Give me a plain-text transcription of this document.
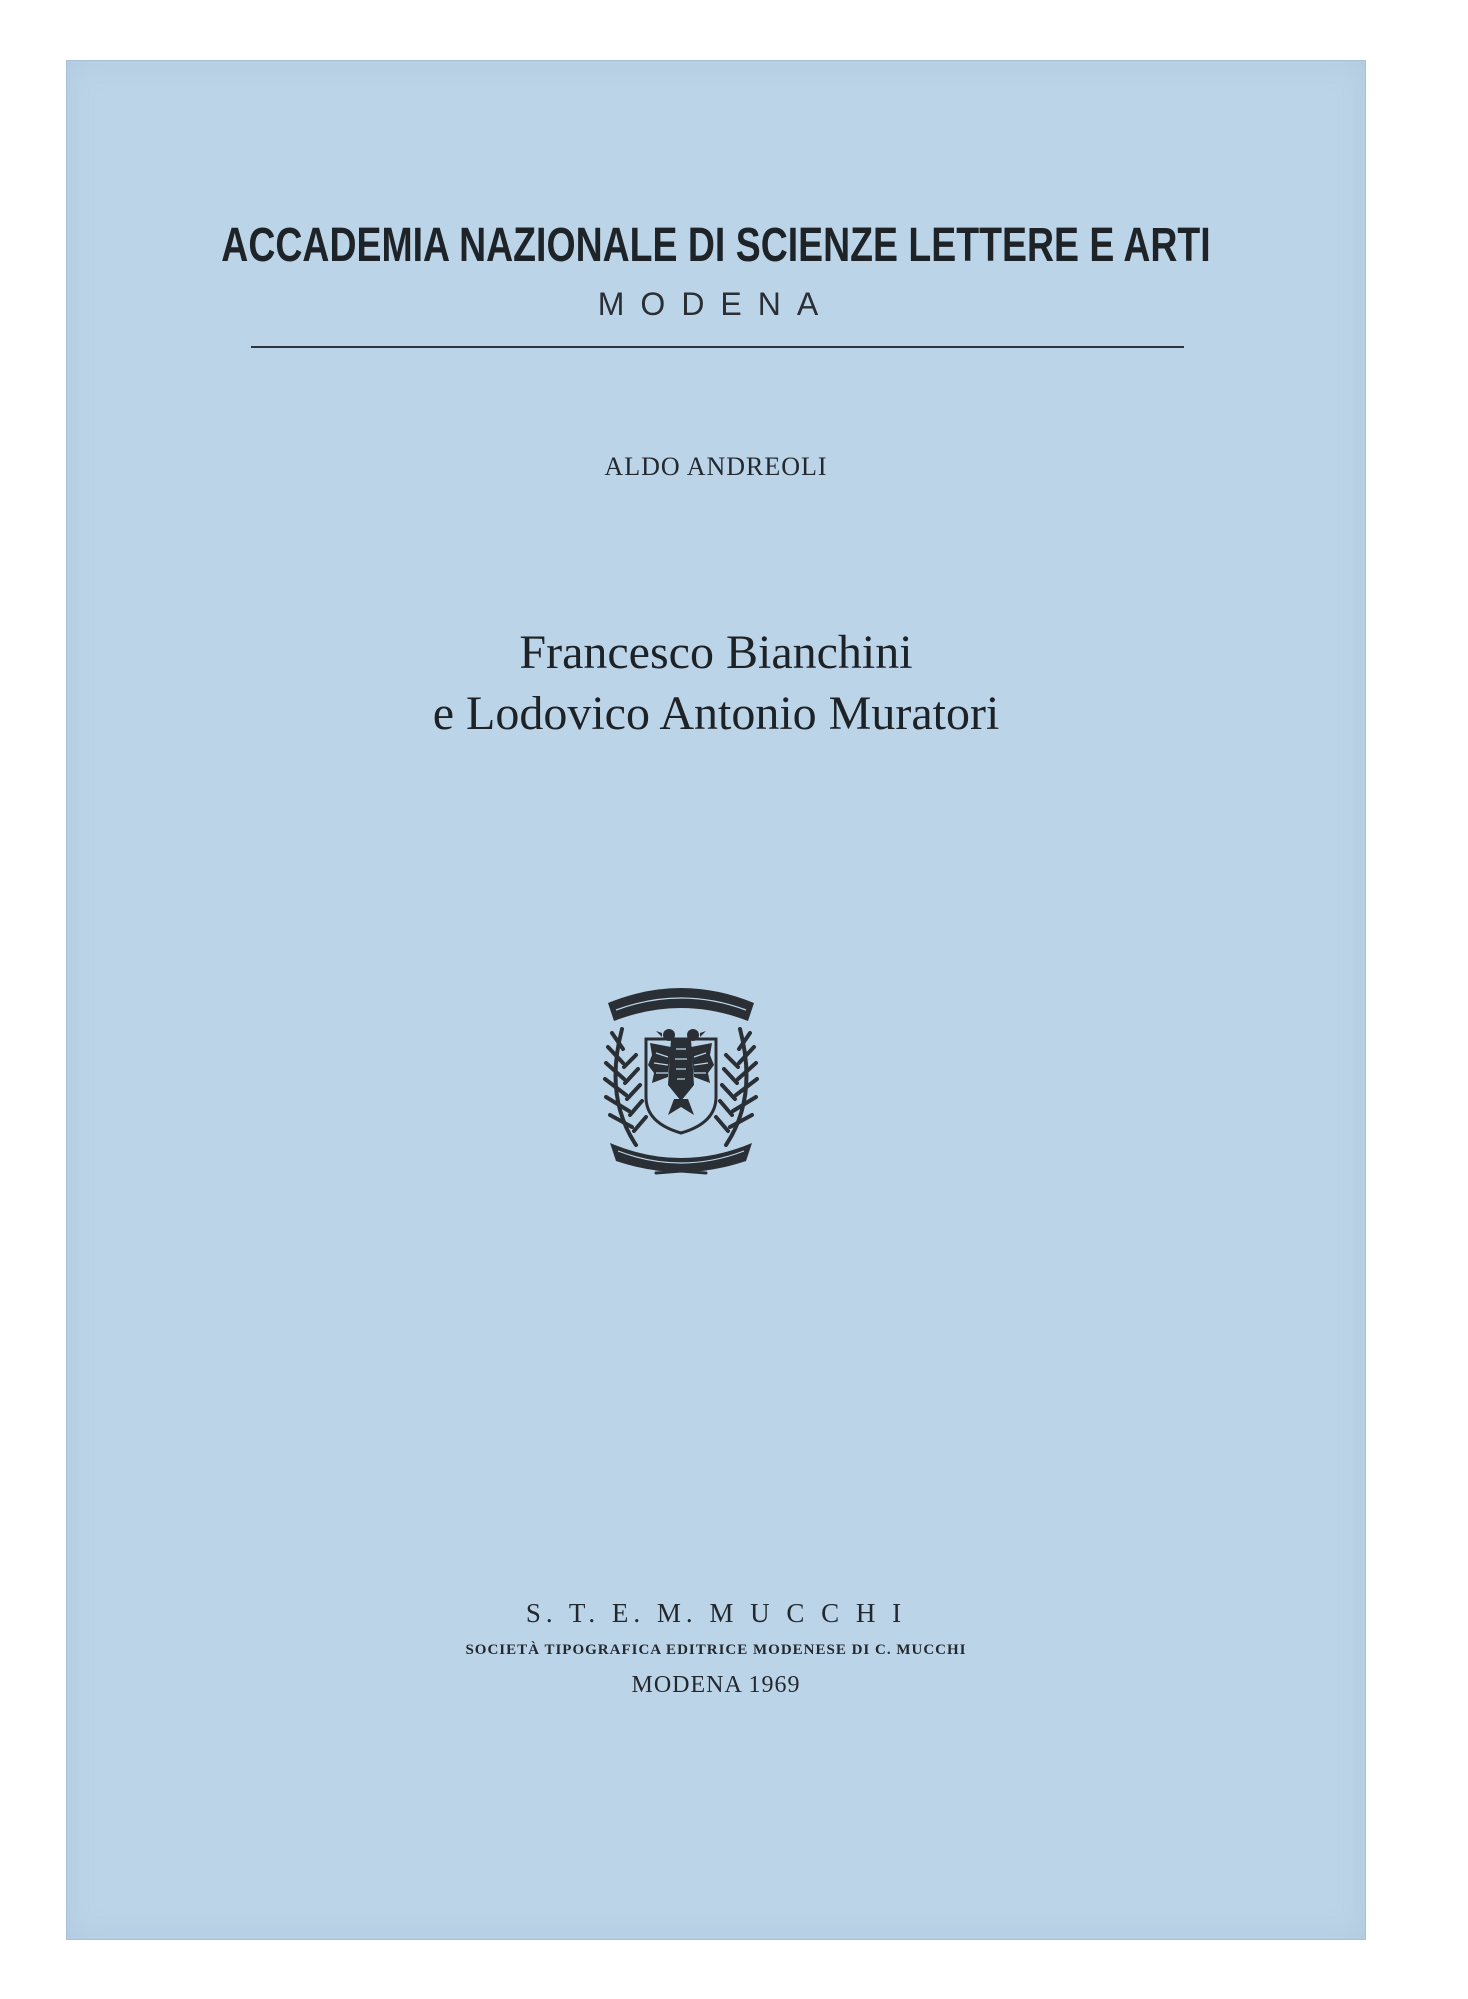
ACCADEMIA NAZIONALE DI SCIENZE LETTERE E ARTI
MODENA
ALDO ANDREOLI
Francesco Bianchini
e Lodovico Antonio Muratori
S. T. E. M. M U C C H I
SOCIETÀ TIPOGRAFICA EDITRICE MODENESE DI C. MUCCHI
MODENA 1969
